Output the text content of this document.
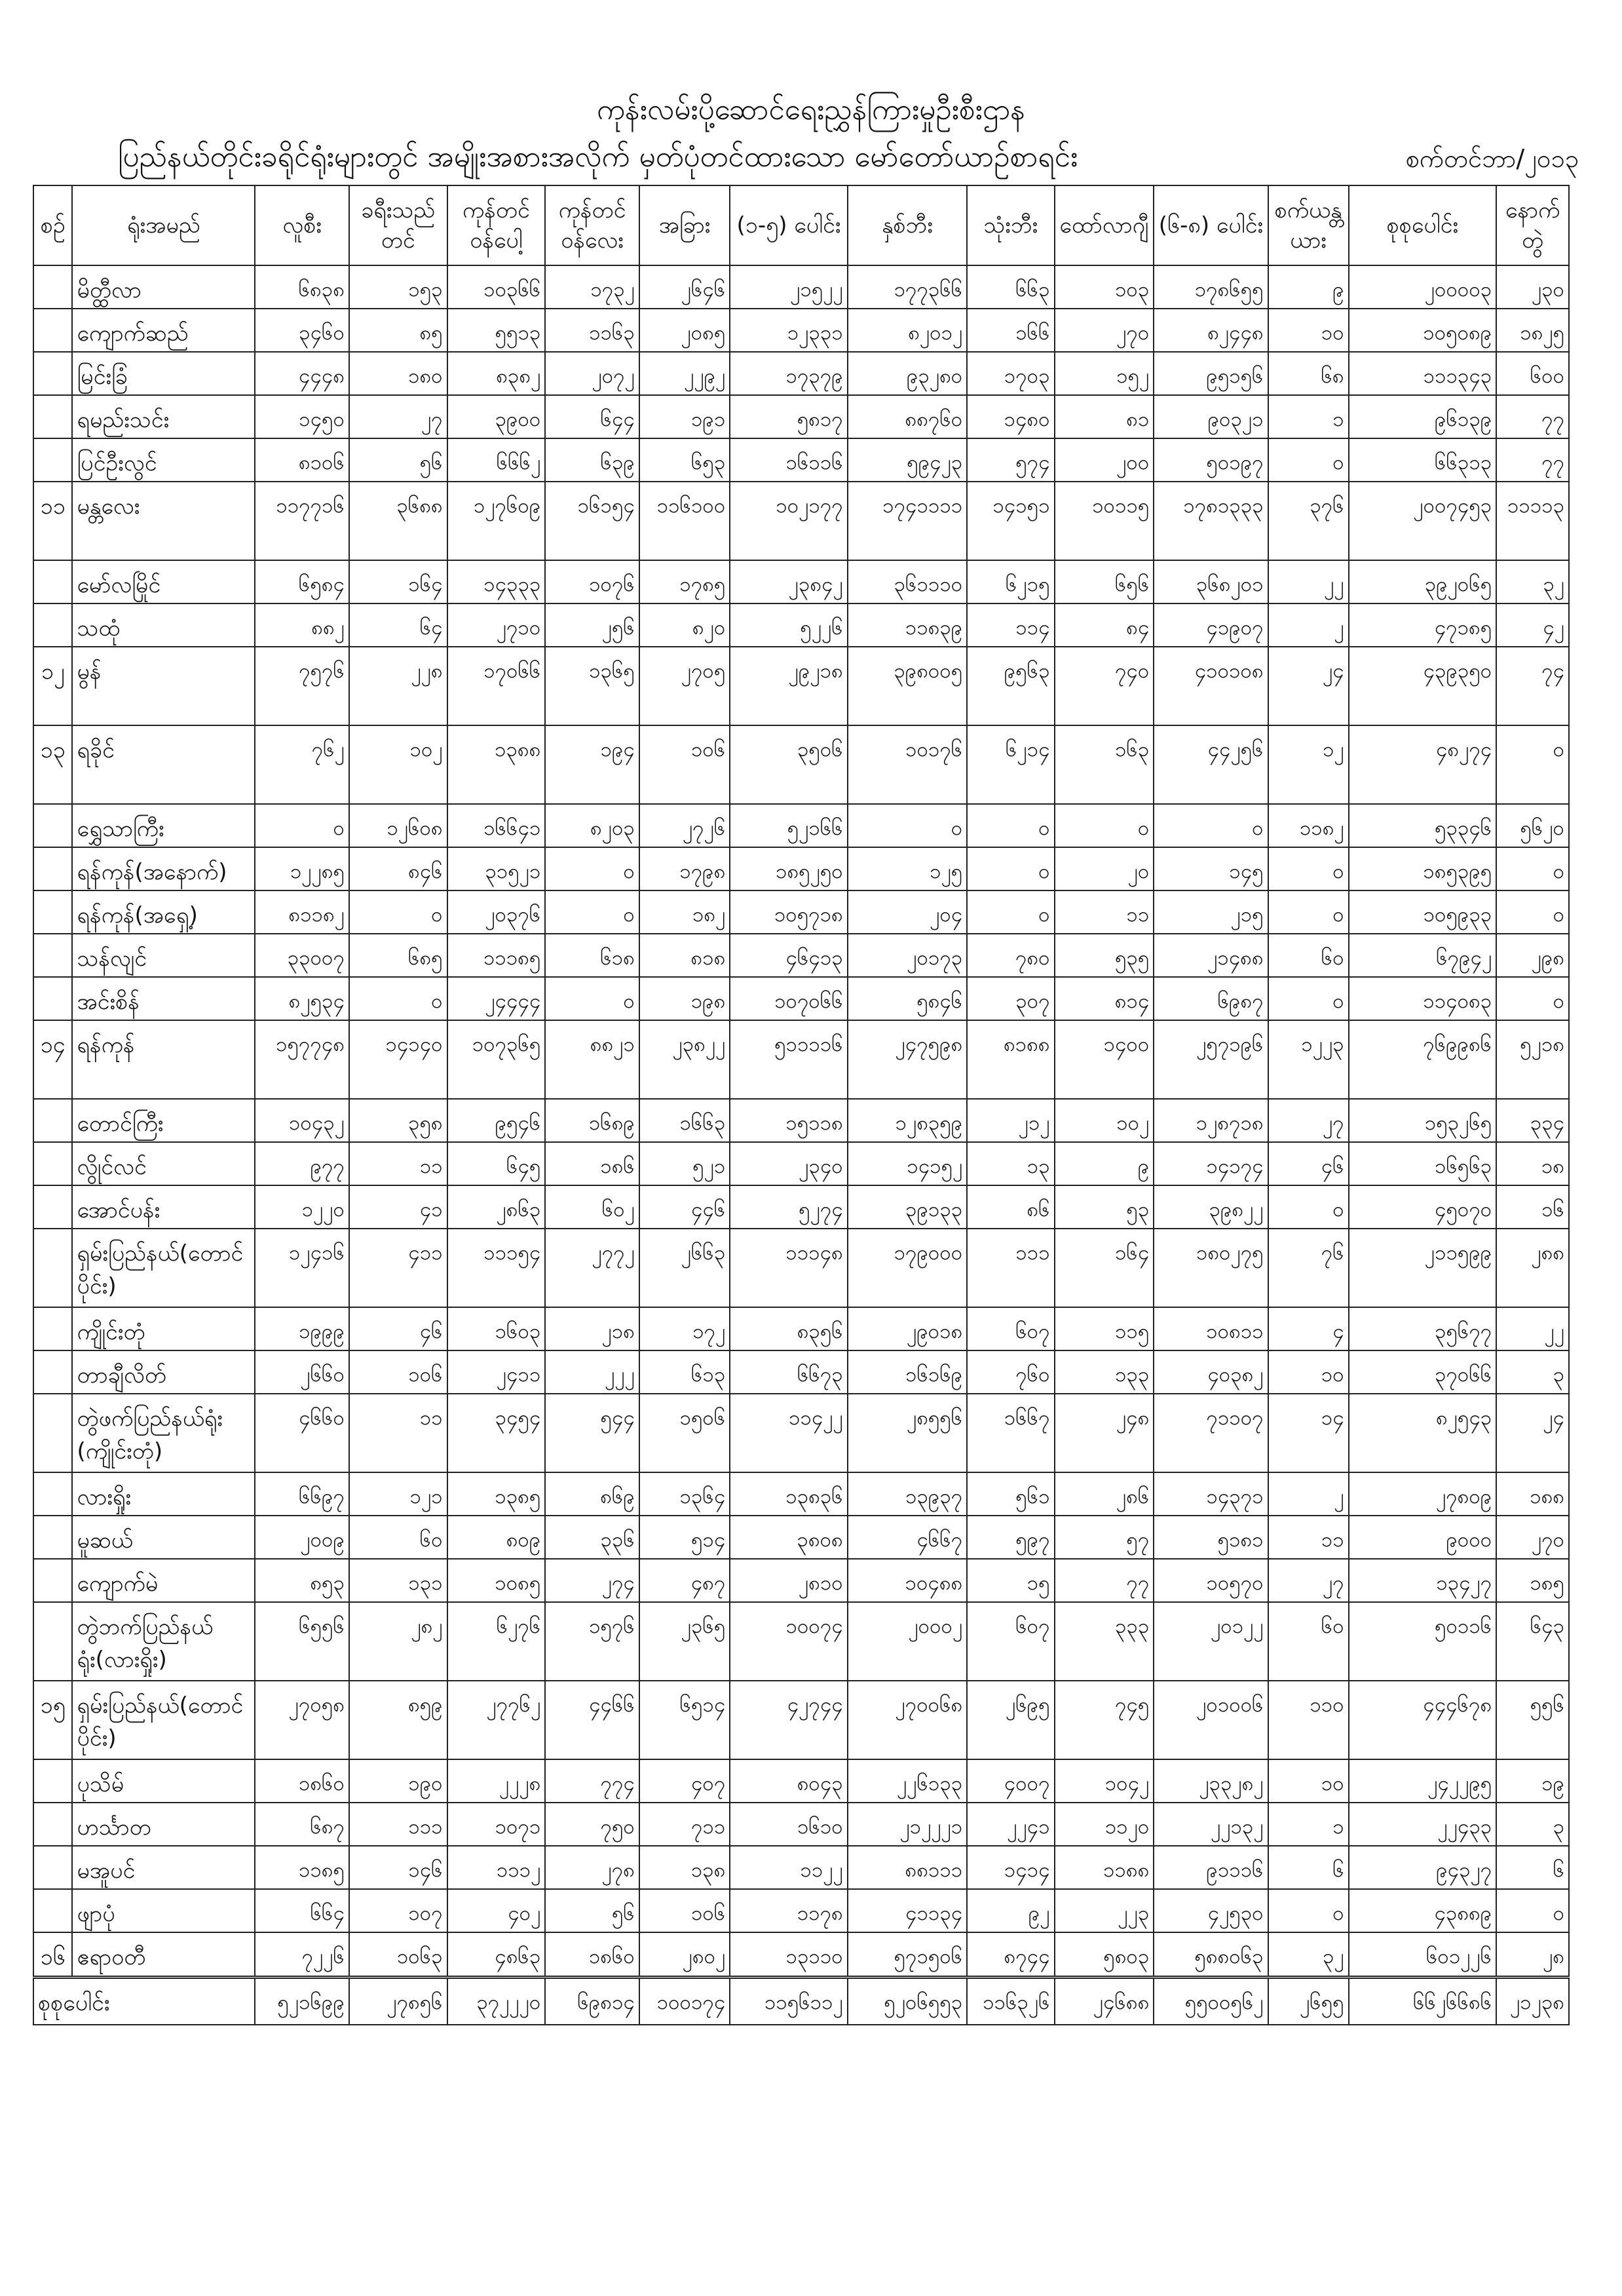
ကုန်းလမ်းပို့ဆောင်ရေးညွှန်ကြားမှုဦးစီးဌာန
ပြည်နယ်တိုင်းခရိုင်ရုံးများတွင် အမျိုးအစားအလိုက် မှတ်ပုံတင်ထားသော မော်တော်ယာဉ်စာရင်း	စက်တင်ဘာ/၂၀၁၃
စဉ်	ရုံးအမည်	လူစီး	ခရီးသည်တင်	ကုန်တင်ဝန်ပေါ့	ကုန်တင်ဝန်လေး	အခြား	(၁-၅) ပေါင်း	နှစ်ဘီး	သုံးဘီး	ထော်လာဂျီ	(၆-၈) ပေါင်း	စက်ယန္တယား	စုစုပေါင်း	နောက်တွဲ
	မိတ္ထီလာ	၆၈၃၈	၁၅၃	၁၀၃၆၆	၁၇၃၂	၂၆၄၆	၂၁၅၂၂	၁၇၇၃၆၆	၆၆၃	၁၀၃	၁၇၈၆၅၅	၉	၂၀၀၀၀၃	၂၃၀
	ကျောက်ဆည်	၃၄၆၀	၈၅	၅၅၁၃	၁၁၆၃	၂၀၈၅	၁၂၃၃၁	၈၂၀၁၂	၁၆၆	၂၇၀	၈၂၄၄၈	၁၀	၁၀၅၀၈၉	၁၈၂၅
	မြင်းခြံ	၄၄၄၈	၁၈၀	၈၃၈၂	၂၀၇၂	၂၂၉၂	၁၇၃၇၉	၉၃၂၈၀	၁၇၀၃	၁၅၂	၉၅၁၅၆	၆၈	၁၁၁၃၄၃	၆၀၀
	ရမည်းသင်း	၁၄၅၀	၂၇	၃၉၀၀	၆၄၄	၁၉၁	၅၈၁၇	၈၈၇၆၀	၁၄၈၀	၈၁	၉၀၃၂၁	၁	၉၆၁၃၉	၇၇
	ပြင်ဦးလွင်	၈၁၀၆	၅၆	၆၆၆၂	၆၃၉	၆၅၃	၁၆၁၁၆	၅၉၄၂၃	၅၇၄	၂၀၀	၅၀၁၉၇	၀	၆၆၃၁၃	၇၇
၁၁	မန္တလေး	၁၁၇၇၁၆	၃၆၈၈	၁၂၇၆၀၉	၁၆၁၅၄	၁၁၆၁၀၀	၁၀၂၁၇၇	၁၇၄၁၁၁၁	၁၄၁၅၁	၁၀၁၁၅	၁၇၈၁၃၃၃	၃၇၆	၂၀၀၇၄၅၃	၁၁၁၁၃
	မော်လမြိုင်	၆၅၈၄	၁၆၄	၁၄၃၃၃	၁၀၇၆	၁၇၈၅	၂၃၈၄၂	၃၆၁၁၁၀	၆၂၁၅	၆၅၆	၃၆၈၂၀၁	၂၂	၃၉၂၀၆၅	၃၂
	သထုံ	၈၈၂	၆၄	၂၇၁၀	၂၅၆	၈၂၀	၅၂၂၆	၁၁၈၃၉	၁၁၄	၈၄	၄၁၉၀၇	၂	၄၇၁၈၅	၄၂
၁၂	မွန်	၇၅၇၆	၂၂၈	၁၇၀၆၆	၁၃၆၅	၂၇၀၅	၂၉၂၁၈	၃၉၈၀၀၅	၉၅၆၃	၇၄၀	၄၁၀၁၀၈	၂၄	၄၃၉၃၅၀	၇၄
၁၃	ရခိုင်	၇၆၂	၁၀၂	၁၃၈၈	၁၉၄	၁၀၆	၃၅၀၆	၁၀၁၇၆	၆၂၁၄	၁၆၃	၄၄၂၅၆	၁၂	၄၈၂၇၄	၀
	ရွှေသာကြီး	၀	၁၂၆၀၈	၁၆၆၄၁	၈၂၀၃	၂၇၂၆	၅၂၁၆၆	၀	၀	၀	၀	၁၁၈၂	၅၃၃၄၆	၅၆၂၀
	ရန်ကုန်(အနောက်)	၁၂၂၈၅	၈၄၆	၃၁၅၂၁	၀	၁၇၉၈	၁၈၅၂၅၀	၁၂၅	၀	၂၀	၁၄၅	၀	၁၈၅၃၉၅	၀
	ရန်ကုန်(အရှေ့)	၈၁၁၈၂	၀	၂၀၃၇၆	၀	၁၈၂	၁၀၅၇၁၈	၂၀၄	၀	၁၁	၂၁၅	၀	၁၀၅၉၃၃	၀
	သန်လျင်	၃၃၀၀၇	၆၈၅	၁၁၁၈၅	၆၁၈	၈၁၈	၄၆၄၁၃	၂၀၁၇၃	၇၈၀	၅၃၅	၂၁၄၈၈	၆၀	၆၇၉၄၂	၂၉၈
	အင်းစိန်	၈၂၅၃၄	၀	၂၄၄၄၄	၀	၁၉၈	၁၀၇၀၆၆	၅၈၄၆	၃၀၇	၈၁၄	၆၉၈၇	၀	၁၁၄၀၈၃	၀
၁၄	ရန်ကုန်	၁၅၇၇၄၈	၁၄၁၄၀	၁၀၇၃၆၅	၈၈၂၁	၂၃၈၂၂	၅၁၁၁၁၆	၂၄၇၅၉၈	၈၁၈၈	၁၄၀၀	၂၅၇၁၉၆	၁၂၂၃	၇၆၉၉၈၆	၅၂၁၈
	တောင်ကြီး	၁၀၄၃၂	၃၅၈	၉၅၄၆	၁၆၈၉	၁၆၆၃	၁၅၁၁၈	၁၂၈၃၅၉	၂၁၂	၁၀၂	၁၂၈၇၁၈	၂၇	၁၅၃၂၆၅	၃၃၄
	လွိုင်လင်	၉၇၇	၁၁	၆၄၅	၁၈၆	၅၂၁	၂၃၄၀	၁၄၁၅၂	၁၃	၉	၁၄၁၇၄	၄၆	၁၆၅၆၃	၁၈
	အောင်ပန်း	၁၂၂၀	၄၁	၂၈၆၃	၆၀၂	၄၄၆	၅၂၇၄	၃၉၁၃၃	၈၆	၅၃	၃၉၈၂၂	၀	၄၅၀၇၀	၁၆
	ရှမ်းပြည်နယ်(တောင်ပိုင်း)	၁၂၄၁၆	၄၁၁	၁၁၁၅၄	၂၇၇၂	၂၆၆၃	၁၁၁၄၈	၁၇၉၀၀၀	၁၁၁	၁၆၄	၁၈၀၂၇၅	၇၆	၂၁၁၅၉၉	၂၈၈
	ကျိုင်းတုံ	၁၉၉၉	၄၆	၁၆၀၃	၂၁၈	၁၇၂	၈၃၅၆	၂၉၀၁၈	၆၀၇	၁၁၅	၁၀၈၁၁	၄	၃၅၆၇၇	၂၂
	တာချီလိတ်	၂၆၆၀	၁၀၆	၂၄၁၁	၂၂၂	၆၁၃	၆၆၇၃	၁၆၁၆၉	၇၆၀	၁၃၃	၄၀၃၈၂	၁၀	၃၇၀၆၆	၃
	တွဲဖက်ပြည်နယ်ရုံး (ကျိုင်းတုံ)	၄၆၆၀	၁၁	၃၄၅၄	၅၄၄	၁၅၀၆	၁၁၄၂၂	၂၈၅၅၆	၁၆၆၇	၂၄၈	၇၁၁၀၇	၁၄	၈၂၅၄၃	၂၄
	လားရှိုး	၆၆၉၇	၁၂၁	၁၃၈၅	၈၆၉	၁၃၆၄	၁၃၈၃၆	၁၃၉၃၇	၅၆၁	၂၈၆	၁၄၃၇၁	၂	၂၇၈၀၉	၁၈၈
	မူဆယ်	၂၀၀၉	၆၀	၈၀၉	၃၃၆	၅၁၄	၃၈၀၈	၄၆၆၇	၅၉၇	၅၇	၅၁၈၁	၁၁	၉၀၀၀	၂၇၀
	ကျောက်မဲ	၈၅၃	၁၃၁	၁၀၈၅	၂၇၄	၄၈၇	၂၈၁၀	၁၀၄၈၈	၁၅	၇၇	၁၀၅၇၀	၂၇	၁၃၄၂၇	၁၈၅
	တွဲဘက်ပြည်နယ် ရုံး(လားရှိုး)	၆၅၅၆	၂၈၂	၆၂၇၆	၁၅၇၆	၂၃၆၅	၁၀၀၇၄	၂၀၀၀၂	၆၀၇	၃၃၃	၂၀၁၂၂	၆၀	၅၀၁၁၆	၆၄၃
၁၅	ရှမ်းပြည်နယ်(တောင်ပိုင်း)	၂၇၀၅၈	၈၅၉	၂၇၇၆၂	၄၄၆၆	၆၅၁၄	၄၂၇၄၄	၂၇၀၀၆၈	၂၆၉၅	၇၄၅	၂၀၁၀၀၆	၁၁၀	၄၄၄၆၇၈	၅၅၆
	ပုသိမ်	၁၈၆၀	၁၉၀	၂၂၂၈	၇၇၄	၄၀၇	၈၀၄၃	၂၂၆၁၃၃	၄၀၀၇	၁၀၄၂	၂၃၃၂၈၂	၁၀	၂၄၂၂၉၅	၁၉
	ဟင်္သာတ	၆၈၇	၁၁၁	၁၀၇၁	၇၅၀	၇၁၁	၁၆၁၀	၂၁၂၂၂၁	၂၂၄၁	၁၁၂၀	၂၂၁၃၂	၁	၂၂၄၃၃	၃
	မအူပင်	၁၁၈၅	၁၄၆	၁၁၁၂	၂၇၈	၁၃၈	၁၁၂၂	၈၈၁၁၁	၁၄၁၄	၁၁၈၈	၉၁၁၁၆	၆	၉၄၃၂၇	၆
	ဖျာပုံ	၆၆၄	၁၀၇	၄၀၂	၅၆	၁၀၆	၁၁၇၈	၄၁၁၃၄	၉၂	၂၂၃	၄၂၅၃၀	၀	၄၃၈၈၉	၀
၁၆	ဧရာဝတီ	၇၂၂၆	၁၀၆၃	၄၈၆၃	၁၈၆၀	၂၈၀၂	၁၃၁၁၀	၅၇၁၅၀၆	၈၇၄၄	၅၈၀၃	၅၈၈၀၆၃	၃၂	၆၀၁၂၂၆	၂၈
စုစုပေါင်း		၅၂၁၆၉၉	၂၇၈၅၆	၃၇၂၂၂၀	၆၉၈၁၄	၁၀၀၁၇၄	၁၁၅၆၁၁၂	၅၂၀၆၅၅၃	၁၁၆၃၂၆	၂၄၆၈၈	၅၅၀၀၅၆၂	၂၆၅၅	၆၆၂၆၆၈၆	၂၁၂၃၈
